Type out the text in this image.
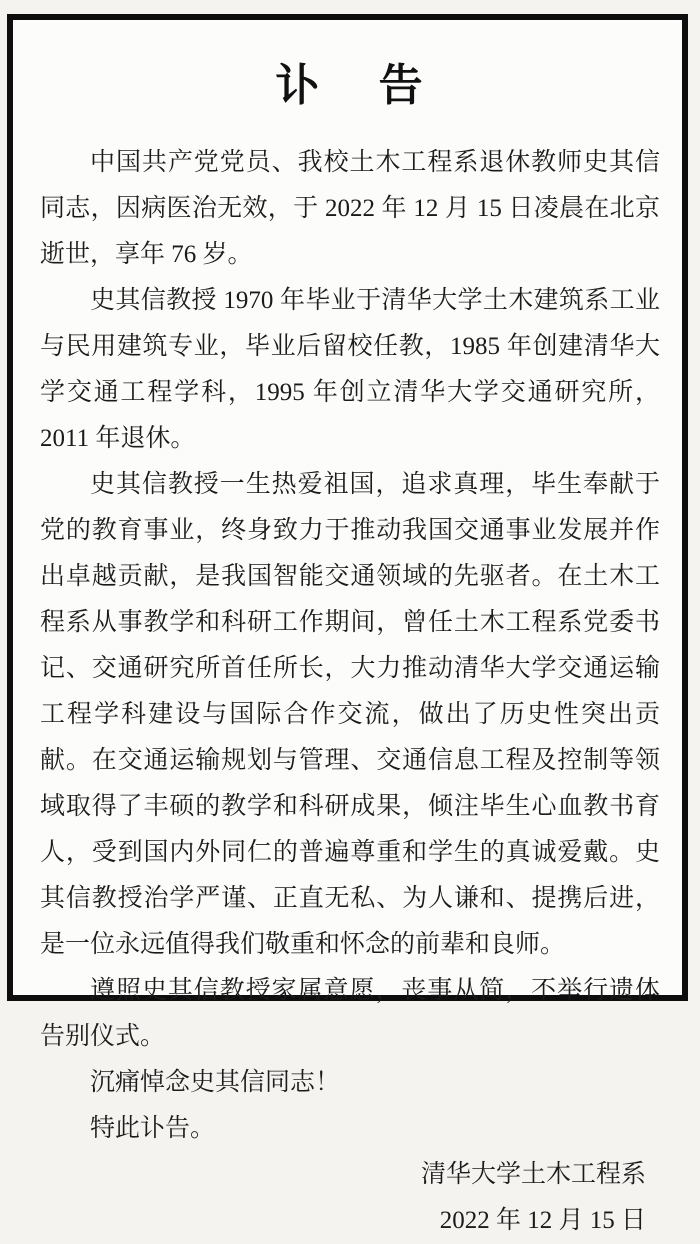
讣 告

中国共产党党员、我校土木工程系退休教师史其信同志，因病医治无效，于 2022 年 12 月 15 日凌晨在北京逝世，享年 76 岁。

史其信教授 1970 年毕业于清华大学土木建筑系工业与民用建筑专业，毕业后留校任教，1985 年创建清华大学交通工程学科，1995 年创立清华大学交通研究所，2011 年退休。

史其信教授一生热爱祖国，追求真理，毕生奉献于党的教育事业，终身致力于推动我国交通事业发展并作出卓越贡献，是我国智能交通领域的先驱者。在土木工程系从事教学和科研工作期间，曾任土木工程系党委书记、交通研究所首任所长，大力推动清华大学交通运输工程学科建设与国际合作交流，做出了历史性突出贡献。在交通运输规划与管理、交通信息工程及控制等领域取得了丰硕的教学和科研成果，倾注毕生心血教书育人，受到国内外同仁的普遍尊重和学生的真诚爱戴。史其信教授治学严谨、正直无私、为人谦和、提携后进，是一位永远值得我们敬重和怀念的前辈和良师。

遵照史其信教授家属意愿，丧事从简，不举行遗体告别仪式。

沉痛悼念史其信同志！

特此讣告。

清华大学土木工程系
2022 年 12 月 15 日
